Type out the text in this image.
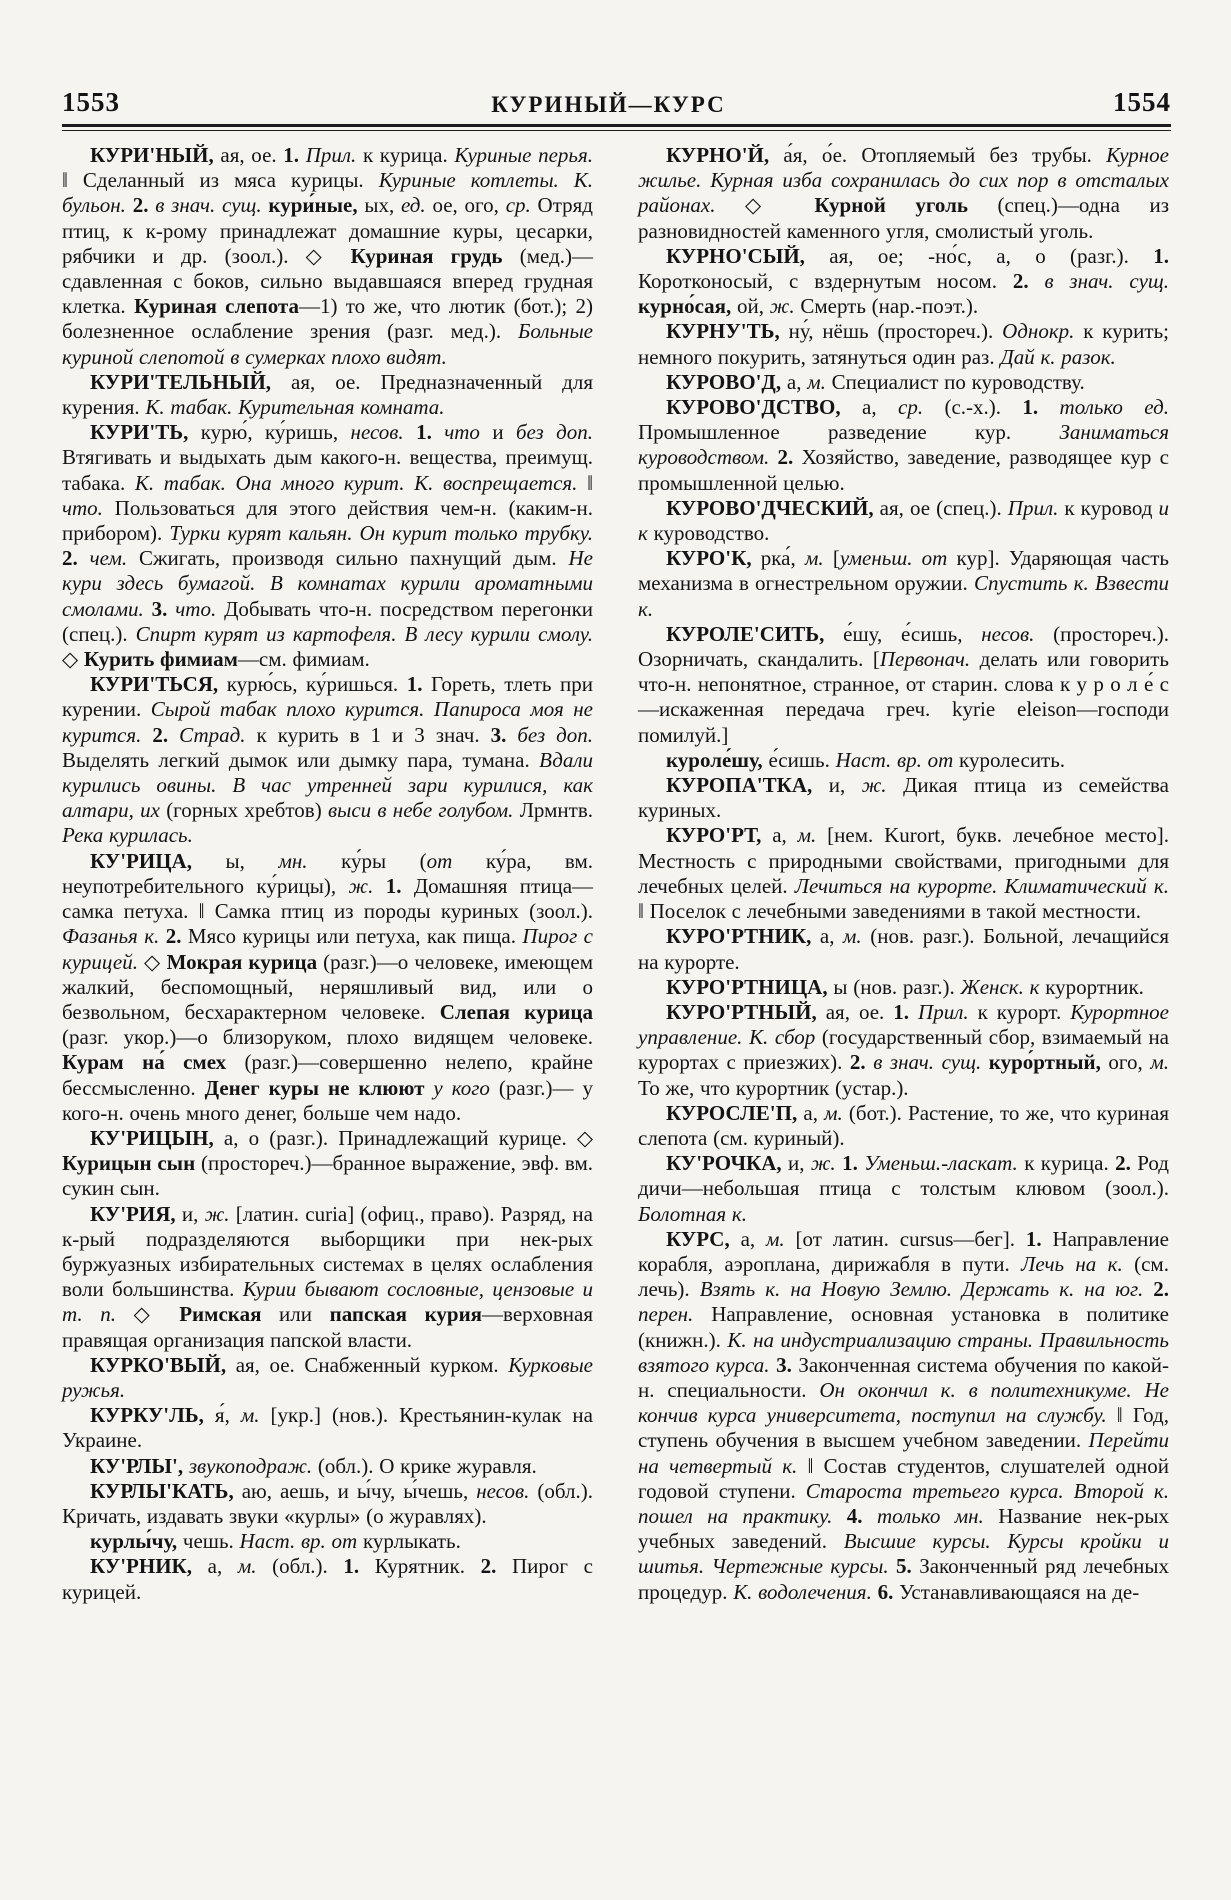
1553	КУРИНЫЙ—КУРС	1554

КУРИ'НЫЙ, ая, ое. 1. Прил. к курица. Куриные перья. ‖ Сделанный из мяса курицы. Куриные котлеты. К. бульон. 2. в знач. сущ. кури́ные, ых, ед. ое, ого, ср. Отряд птиц, к к-рому принадлежат домашние куры, цесарки, рябчики и др. (зоол.). ◇ Куриная грудь (мед.)—сдавленная с боков, сильно выдавшаяся вперед грудная клетка. Куриная слепота—1) то же, что лютик (бот.); 2) болезненное ослабление зрения (разг. мед.). Больные куриной слепотой в сумерках плохо видят.

КУРИ'ТЕЛЬНЫЙ, ая, ое. Предназначенный для курения. К. табак. Курительная комната.

КУРИ'ТЬ, курю́, ку́ришь, несов. 1. что и без доп. Втягивать и выдыхать дым какого-н. вещества, преимущ. табака. К. табак. Она много курит. К. воспрещается. ‖ что. Пользоваться для этого действия чем-н. (каким-н. прибором). Турки курят кальян. Он курит только трубку. 2. чем. Сжигать, производя сильно пахнущий дым. Не кури здесь бумагой. В комнатах курили ароматными смолами. 3. что. Добывать что-н. посредством перегонки (спец.). Спирт курят из картофеля. В лесу курили смолу. ◇ Курить фимиам—см. фимиам.

КУРИ'ТЬСЯ, курю́сь, ку́ришься. 1. Гореть, тлеть при курении. Сырой табак плохо курится. Папироса моя не курится. 2. Страд. к курить в 1 и 3 знач. 3. без доп. Выделять легкий дымок или дымку пара, тумана. Вдали курились овины. В час утренней зари курилися, как алтари, их (горных хребтов) выси в небе голубом. Лрмнтв. Река курилась.

КУ'РИЦА, ы, мн. ку́ры (от ку́ра, вм. неупотребительного ку́рицы), ж. 1. Домашняя птица—самка петуха. ‖ Самка птиц из породы куриных (зоол.). Фазанья к. 2. Мясо курицы или петуха, как пища. Пирог с курицей. ◇ Мокрая курица (разг.)—о человеке, имеющем жалкий, беспомощный, неряшливый вид, или о безвольном, бесхарактерном человеке. Слепая курица (разг. укор.)—о близоруком, плохо видящем человеке. Курам на́ смех (разг.)—совершенно нелепо, крайне бессмысленно. Денег куры не клюют у кого (разг.)— у кого-н. очень много денег, больше чем надо.

КУ'РИЦЫН, а, о (разг.). Принадлежащий курице. ◇ Курицын сын (простореч.)—бранное выражение, эвф. вм. сукин сын.

КУ'РИЯ, и, ж. [латин. curia] (офиц., право). Разряд, на к-рый подразделяются выборщики при нек-рых буржуазных избирательных системах в целях ослабления воли большинства. Курии бывают сословные, цензовые и т. п. ◇ Римская или папская курия—верховная правящая организация папской власти.

КУРКО'ВЫЙ, ая, ое. Снабженный курком. Курковые ружья.

КУРКУ'ЛЬ, я́, м. [укр.] (нов.). Крестьянин-кулак на Украине.

КУ'РЛЫ', звукоподраж. (обл.). О крике журавля.

КУРЛЫ'КАТЬ, аю, аешь, и ы́чу, ы́чешь, несов. (обл.). Кричать, издавать звуки «курлы» (о журавлях).

курлы́чу, чешь. Наст. вр. от курлыкать.

КУ'РНИК, а, м. (обл.). 1. Курятник. 2. Пирог с курицей.

КУРНО'Й, а́я, о́е. Отопляемый без трубы. Курное жилье. Курная изба сохранилась до сих пор в отсталых районах. ◇ Курной уголь (спец.)—одна из разновидностей каменного угля, смолистый уголь.

КУРНО'СЫЙ, ая, ое; -но́с, а, о (разг.). 1. Коротконосый, с вздернутым носом. 2. в знач. сущ. курно́сая, ой, ж. Смерть (нар.-поэт.).

КУРНУ'ТЬ, ну́, нёшь (простореч.). Однокр. к курить; немного покурить, затянуться один раз. Дай к. разок.

КУРОВО'Д, а, м. Специалист по куроводству.

КУРОВО'ДСТВО, а, ср. (с.-х.). 1. только ед. Промышленное разведение кур. Заниматься куроводством. 2. Хозяйство, заведение, разводящее кур с промышленной целью.

КУРОВО'ДЧЕСКИЙ, ая, ое (спец.). Прил. к куровод и к куроводство.

КУРО'К, рка́, м. [уменьш. от кур]. Ударяющая часть механизма в огнестрельном оружии. Спустить к. Взвести к.

КУРОЛЕ'СИТЬ, е́шу, е́сишь, несов. (простореч.). Озорничать, скандалить. [Первонач. делать или говорить что-н. непонятное, странное, от старин. слова к у р о л е́ с—искаженная передача греч. kyrie eleison—господи помилуй.]

куроле́шу, е́сишь. Наст. вр. от куролесить.

КУРОПА'ТКА, и, ж. Дикая птица из семейства куриных.

КУРО'РТ, а, м. [нем. Kurort, букв. лечебное место]. Местность с природными свойствами, пригодными для лечебных целей. Лечиться на курорте. Климатический к. ‖ Поселок с лечебными заведениями в такой местности.

КУРО'РТНИК, а, м. (нов. разг.). Больной, лечащийся на курорте.

КУРО'РТНИЦА, ы (нов. разг.). Женск. к курортник.

КУРО'РТНЫЙ, ая, ое. 1. Прил. к курорт. Курортное управление. К. сбор (государственный сбор, взимаемый на курортах с приезжих). 2. в знач. сущ. куро́ртный, ого, м. То же, что курортник (устар.).

КУРОСЛЕ'П, а, м. (бот.). Растение, то же, что куриная слепота (см. куриный).

КУ'РОЧКА, и, ж. 1. Уменьш.-ласкат. к курица. 2. Род дичи—небольшая птица с толстым клювом (зоол.). Болотная к.

КУРС, а, м. [от латин. cursus—бег]. 1. Направление корабля, аэроплана, дирижабля в пути. Лечь на к. (см. лечь). Взять к. на Новую Землю. Держать к. на юг. 2. перен. Направление, основная установка в политике (книжн.). К. на индустриализацию страны. Правильность взятого курса. 3. Законченная система обучения по какой-н. специальности. Он окончил к. в политехникуме. Не кончив курса университета, поступил на службу. ‖ Год, ступень обучения в высшем учебном заведении. Перейти на четвертый к. ‖ Состав студентов, слушателей одной годовой ступени. Староста третьего курса. Второй к. пошел на практику. 4. только мн. Название нек-рых учебных заведений. Высшие курсы. Курсы кройки и шитья. Чертежные курсы. 5. Законченный ряд лечебных процедур. К. водолечения. 6. Устанавливающаяся на де-
